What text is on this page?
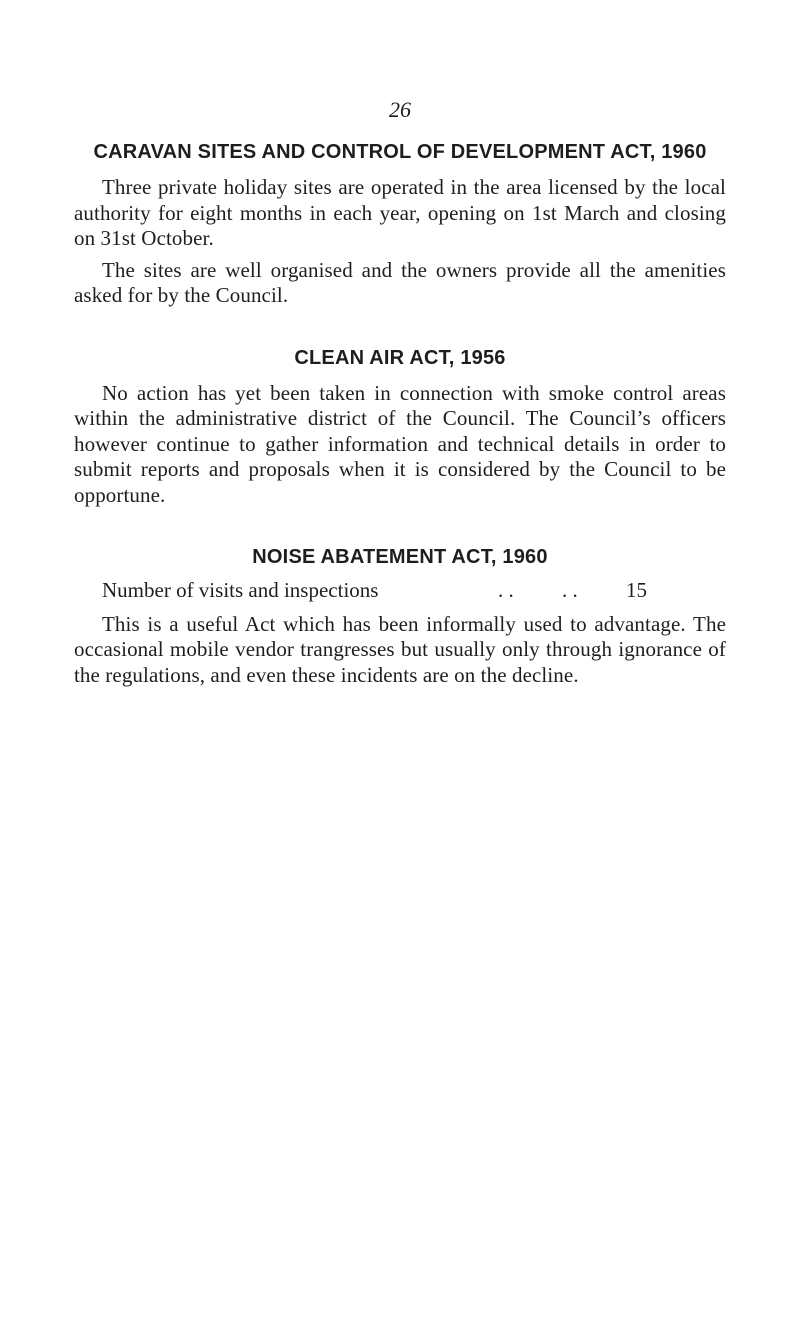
26

CARAVAN SITES AND CONTROL OF DEVELOPMENT ACT, 1960

Three private holiday sites are operated in the area licensed by the local authority for eight months in each year, opening on 1st March and closing on 31st October.

The sites are well organised and the owners provide all the amenities asked for by the Council.

CLEAN AIR ACT, 1956

No action has yet been taken in connection with smoke control areas within the administrative district of the Council. The Council’s officers however continue to gather information and technical details in order to submit reports and proposals when it is considered by the Council to be opportune.

NOISE ABATEMENT ACT, 1960
Number of visits and inspections	. .	. .	15

This is a useful Act which has been informally used to advantage. The occasional mobile vendor trangresses but usually only through ignorance of the regulations, and even these incidents are on the decline.
